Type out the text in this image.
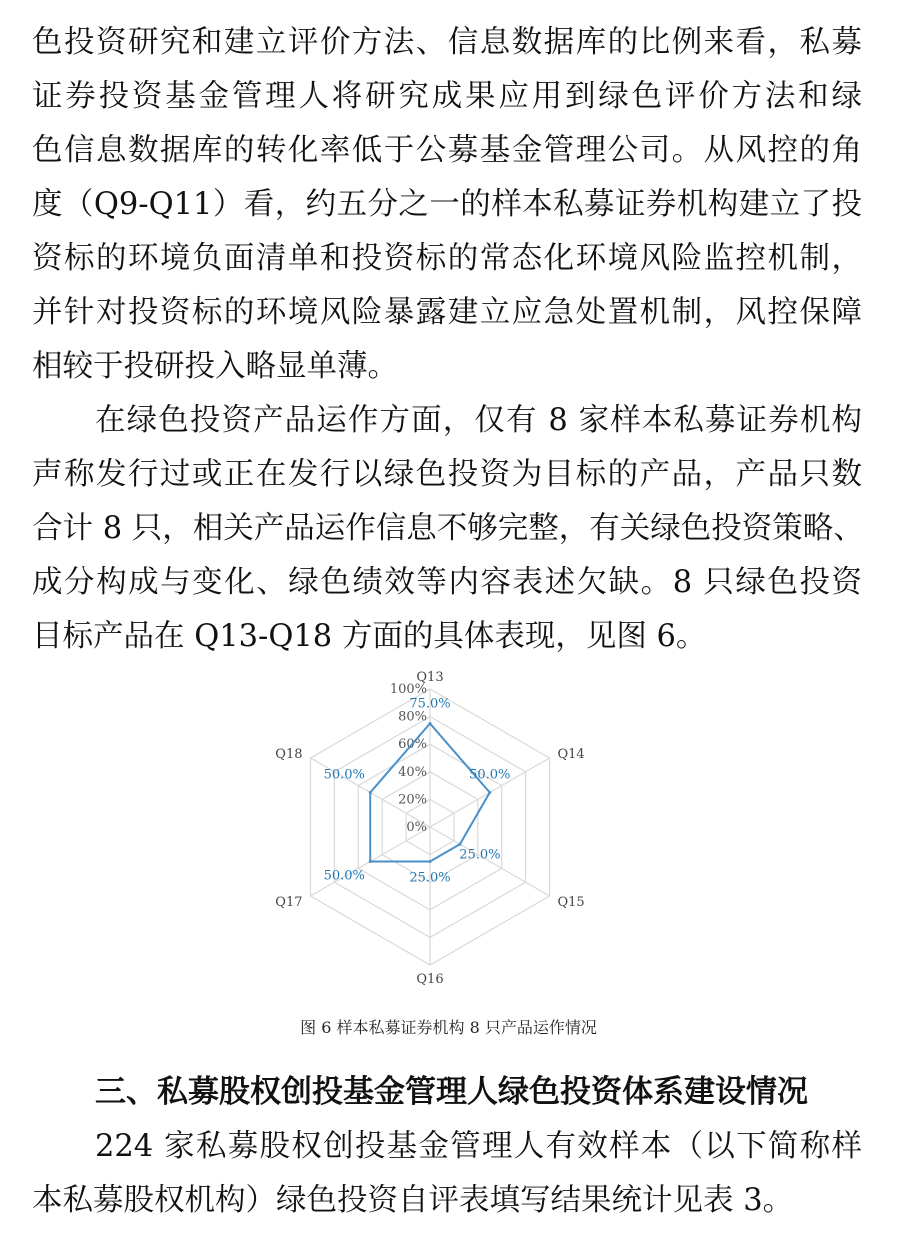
色投资研究和建立评价方法、信息数据库的比例来看，私募
证券投资基金管理人将研究成果应用到绿色评价方法和绿
色信息数据库的转化率低于公募基金管理公司。从风控的角
度（Q9-Q11）看，约五分之一的样本私募证券机构建立了投
资标的环境负面清单和投资标的常态化环境风险监控机制，
并针对投资标的环境风险暴露建立应急处置机制，风控保障
相较于投研投入略显单薄。
在绿色投资产品运作方面，仅有 8 家样本私募证券机构
声称发行过或正在发行以绿色投资为目标的产品，产品只数
合计 8 只，相关产品运作信息不够完整，有关绿色投资策略、
成分构成与变化、绿色绩效等内容表述欠缺。8 只绿色投资
目标产品在 Q13-Q18 方面的具体表现，见图 6。
0%
20%
40%
60%
80%
100%
Q13
Q14
Q15
Q16
Q17
Q18
75.0%
50.0%
25.0%
25.0%
50.0%
50.0%
图 6 样本私募证券机构 8 只产品运作情况
三、私募股权创投基金管理人绿色投资体系建设情况
224 家私募股权创投基金管理人有效样本（以下简称样
本私募股权机构）绿色投资自评表填写结果统计见表 3。
